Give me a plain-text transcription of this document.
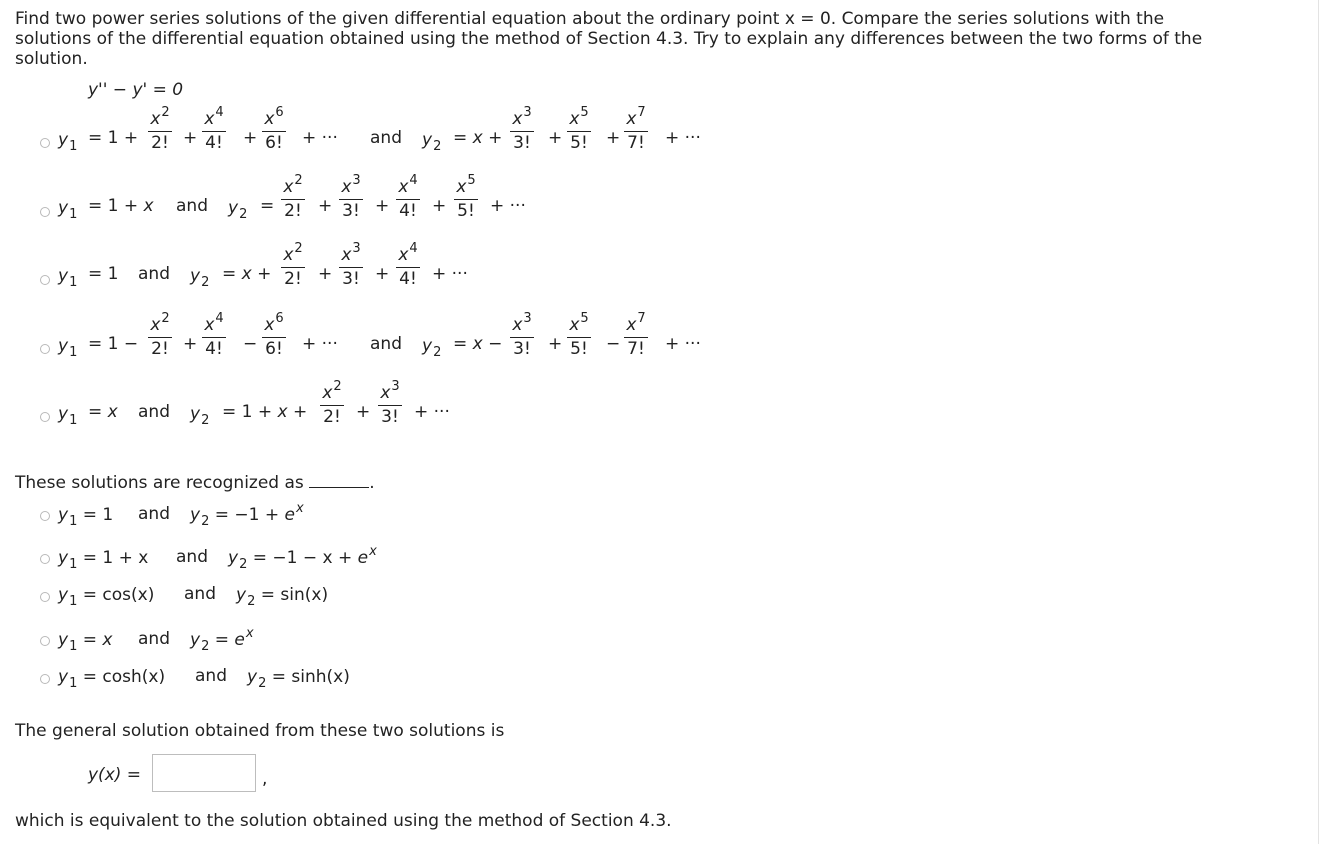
Find two power series solutions of the given differential equation about the ordinary point x = 0. Compare the series solutions with the
solutions of the differential equation obtained using the method of Section 4.3. Try to explain any differences between the two forms of the
solution.
y'' − y' = 0
$y_1 = 1$ +
$x^2$
2! +
$x^4$
4! +
$x^6$
6! + ··· and $y_2 = x$ +
$x^3$
3! +
$x^5$
5! +
$x^7$
7! + ···
$y_1 = 1 + x$ and $y_2$ =
$x^2$
2! +
$x^3$
3! +
$x^4$
4! +
$x^5$
5! + ···
$y_1 = 1$ and $y_2 = x$ +
$x^2$
2! +
$x^3$
3! +
$x^4$
4! + ···
$y_1 = 1$ −
$x^2$
2! +
$x^4$
4! −
$x^6$
6! + ··· and $y_2 = x$ −
$x^3$
3! +
$x^5$
5! −
$x^7$
7! + ···
$y_1 = x$ and $y_2 = 1 + x$ +
$x^2$
2! +
$x^3$
3! + ···
These solutions are recognized as	.
$y_1 = 1$ and $y_2 = -1 + e^x$
$y_1 = 1 + x$ and $y_2 = -1 - x + e^x$
$y_1 = \cos(x)$ and $y_2 = \sin(x)$
$y_1 = x$ and $y_2 = e^x$
$y_1 = \cosh(x)$ and $y_2 = \sinh(x)$
The general solution obtained from these two solutions is
y(x) =	,
which is equivalent to the solution obtained using the method of Section 4.3.
